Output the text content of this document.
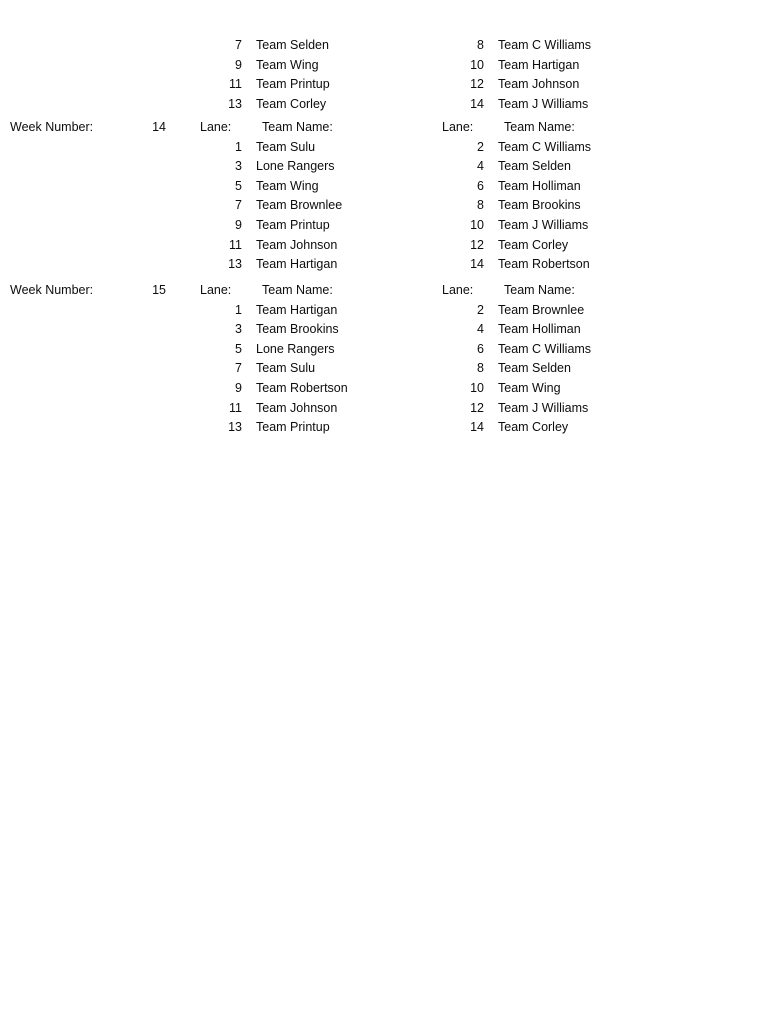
7 Team Selden	8 Team C Williams
9 Team Wing	10 Team Hartigan
11 Team Printup	12 Team Johnson
13 Team Corley	14 Team J Williams
Week Number:	14	Lane:	Team Name:	Lane:	Team Name:
1 Team Sulu	2 Team C Williams
3 Lone Rangers	4 Team Selden
5 Team Wing	6 Team Holliman
7 Team Brownlee	8 Team Brookins
9 Team Printup	10 Team J Williams
11 Team Johnson	12 Team Corley
13 Team Hartigan	14 Team Robertson
Week Number:	15	Lane:	Team Name:	Lane:	Team Name:
1 Team Hartigan	2 Team Brownlee
3 Team Brookins	4 Team Holliman
5 Lone Rangers	6 Team C Williams
7 Team Sulu	8 Team Selden
9 Team Robertson	10 Team Wing
11 Team Johnson	12 Team J Williams
13 Team Printup	14 Team Corley
